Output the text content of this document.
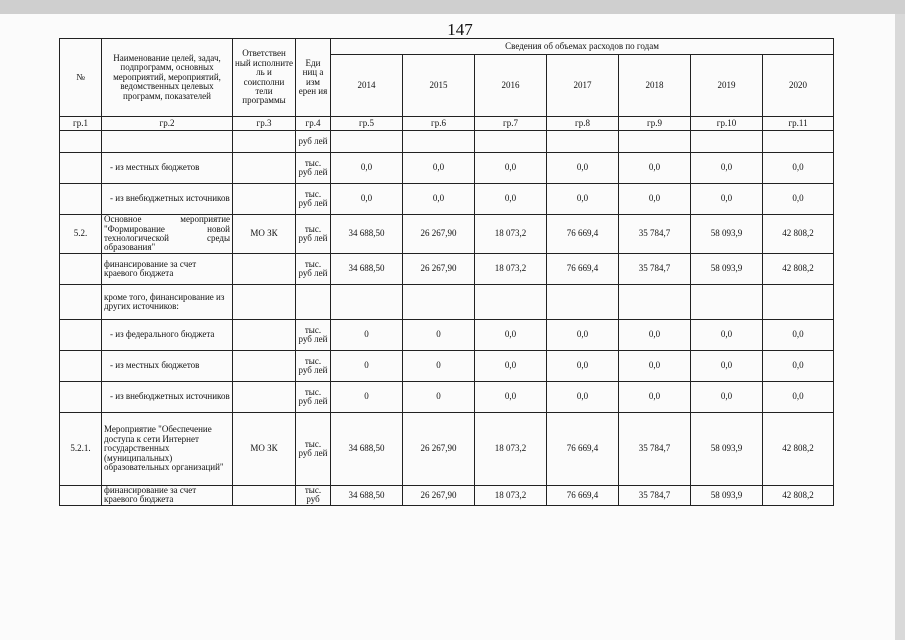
147
№	Наименование целей, задач, подпрограмм, основных мероприятий, мероприятий, ведомственных целевых программ, показателей	Ответствен ный исполните ль и соисполни тели программы	Еди ниц а изм ерен ия	Сведения об объемах расходов по годам						
				2014	2015	2016	2017	2018	2019	2020
гр.1	гр.2	гр.3	гр.4	гр.5	гр.6	гр.7	гр.8	гр.9	гр.10	гр.11
			руб лей							
	- из местных бюджетов		тыс. руб лей	0,0	0,0	0,0	0,0	0,0	0,0	0,0
	- из внебюджетных источников		тыс. руб лей	0,0	0,0	0,0	0,0	0,0	0,0	0,0
5.2.	Основное мероприятие "Формирование новой технологической среды образования"	МО ЗК	тыс. руб лей	34 688,50	26 267,90	18 073,2	76 669,4	35 784,7	58 093,9	42 808,2
	финансирование за счет краевого бюджета		тыс. руб лей	34 688,50	26 267,90	18 073,2	76 669,4	35 784,7	58 093,9	42 808,2
	кроме того, финансирование из других источников:									
	- из федерального бюджета		тыс. руб лей	0	0	0,0	0,0	0,0	0,0	0,0
	- из местных бюджетов		тыс. руб лей	0	0	0,0	0,0	0,0	0,0	0,0
	- из внебюджетных источников		тыс. руб лей	0	0	0,0	0,0	0,0	0,0	0,0
5.2.1.	Мероприятие "Обеспечение доступа к сети Интернет государственных (муниципальных) образовательных организаций"	МО ЗК	тыс. руб лей	34 688,50	26 267,90	18 073,2	76 669,4	35 784,7	58 093,9	42 808,2
	финансирование за счет краевого бюджета		тыс. руб	34 688,50	26 267,90	18 073,2	76 669,4	35 784,7	58 093,9	42 808,2
